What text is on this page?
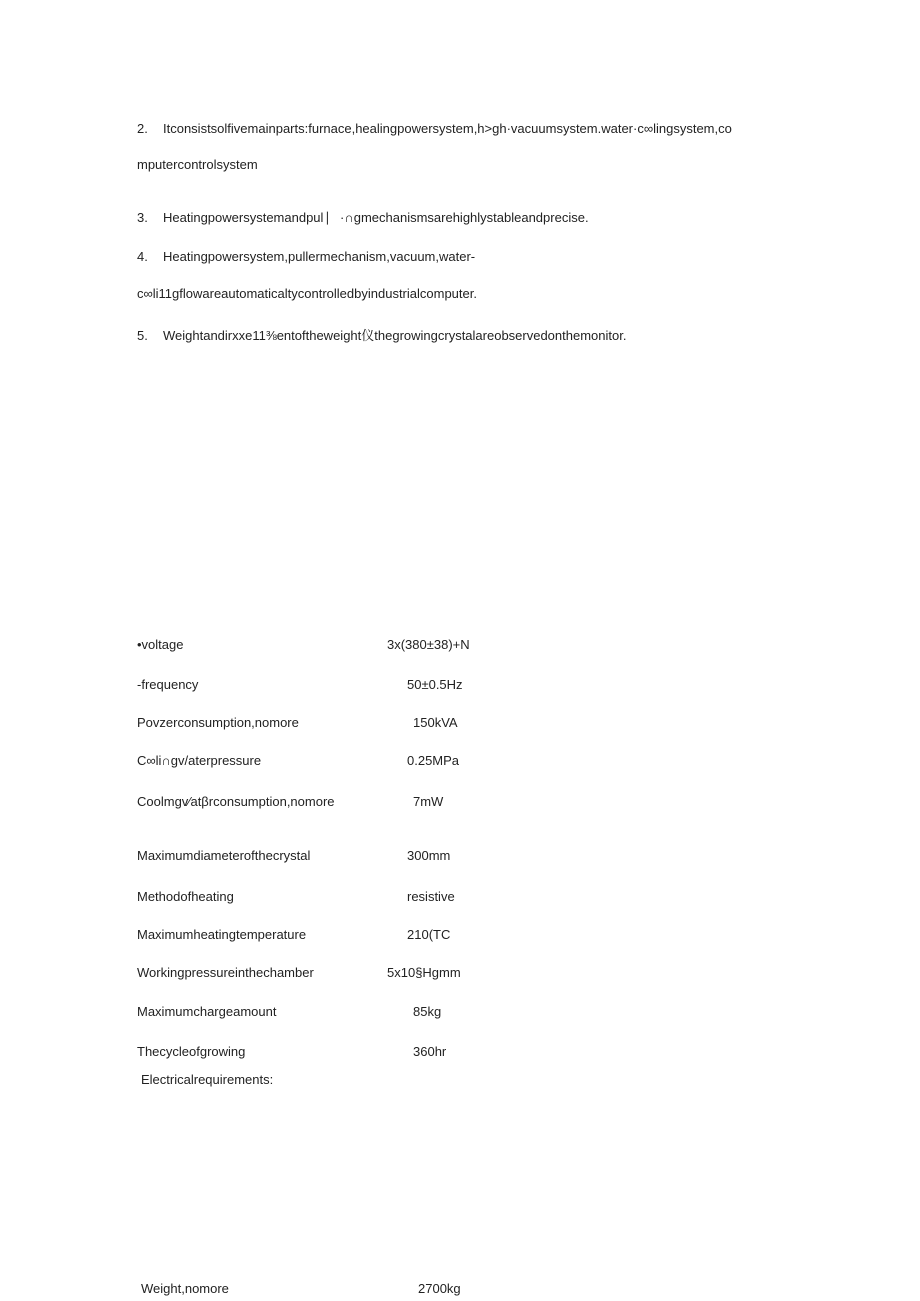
2. Itconsistsolfivemainparts:furnace,healingpowersystem,h>gh·vacuumsystem.water·c∞lingsystem,co
mputercontrolsystem
3. Heatingpowersystemandpul ⎸·∩gmechanismsarehighlystableandprecise.
4. Heatingpowersystem,pullermechanism,vacuum,water-
c∞li11gflowareautomaticaltycontrolledbyindustrialcomputer.
5. Weightandirxxe11⅜entoftheweight仪thegrowingcrystalareobservedonthemonitor.
•voltage	3x(380±38)+N
-frequency	50±0.5Hz
Povzerconsumption,nomore	150kVA
C∞li∩gv/aterpressure	0.25MPa
Coolmgv⁄atβrconsumption,nomore	7mW
Maximumdiameterofthecrystal	300mm
Methodofheating	resistive
Maximumheatingtemperature	210(TC
Workingpressureinthechamber	5x10§Hgmm
Maximumchargeamount	85kg
Thecycleofgrowing	360hr
Electricalrequirements:
Weight,nomore	2700kg
